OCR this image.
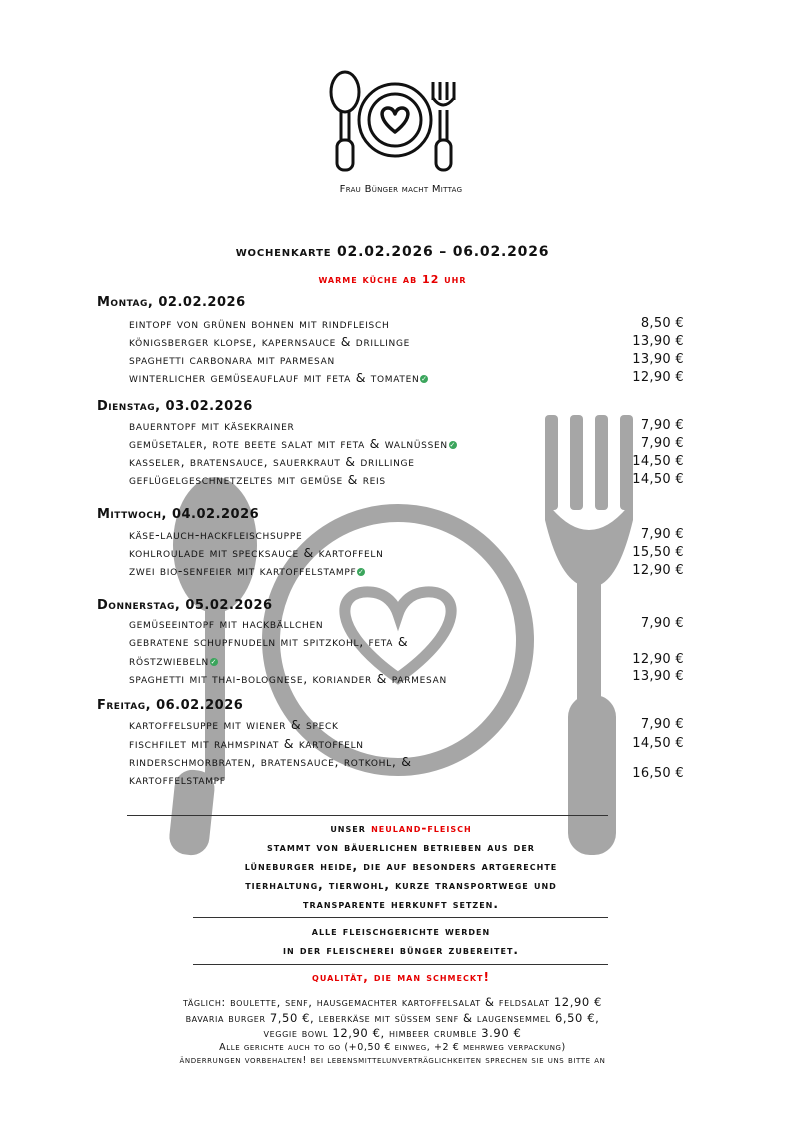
Frau Bünger macht Mittag
wochenkarte 02.02.2026 – 06.02.2026
warme küche ab 12 uhr
Montag, 02.02.2026
eintopf von grünen bohnen mit rindfleisch	8,50 €
königsberger klopse, kapernsauce & drillinge	13,90 €
spaghetti carbonara mit parmesan	13,90 €
winterlicher gemüseauflauf mit feta & tomaten ✓	12,90 €
Dienstag, 03.02.2026
bauerntopf mit käsekrainer	7,90 €
gemüsetaler, rote beete salat mit feta & walnüssen ✓	7,90 €
kasseler, bratensauce, sauerkraut & drillinge	14,50 €
geflügelgeschnetzeltes mit gemüse & reis	14,50 €
Mittwoch, 04.02.2026
käse-lauch-hackfleischsuppe	7,90 €
kohlroulade mit specksauce & kartoffeln	15,50 €
zwei bio-senfeier mit kartoffelstampf ✓	12,90 €
Donnerstag, 05.02.2026
gemüseeintopf mit hackbällchen	7,90 €
gebratene schupfnudeln mit spitzkohl, feta &
röstzwiebeln ✓	12,90 €
spaghetti mit thai-bolognese, koriander & parmesan	13,90 €
Freitag, 06.02.2026
kartoffelsuppe mit wiener & speck	7,90 €
fischfilet mit rahmspinat & kartoffeln	14,50 €
rinderschmorbraten, bratensauce, rotkohl, &
kartoffelstampf	16,50 €
unser neuland-fleisch
stammt von bäuerlichen betrieben aus der
lüneburger heide, die auf besonders artgerechte
tierhaltung, tierwohl, kurze transportwege und
transparente herkunft setzen.
alle fleischgerichte werden
in der fleischerei bünger zubereitet.
qualität, die man schmeckt!
täglich: boulette, senf, hausgemachter kartoffelsalat & feldsalat 12,90 €
bavaria burger 7,50 €, leberkäse mit süssem senf & laugensemmel 6,50 €,
veggie bowl 12,90 €, himbeer crumble 3.90 €
Alle gerichte auch to go (+0,50 € einweg, +2 € mehrweg verpackung)
änderrungen vorbehalten! bei lebensmittelunverträglichkeiten sprechen sie uns bitte an
